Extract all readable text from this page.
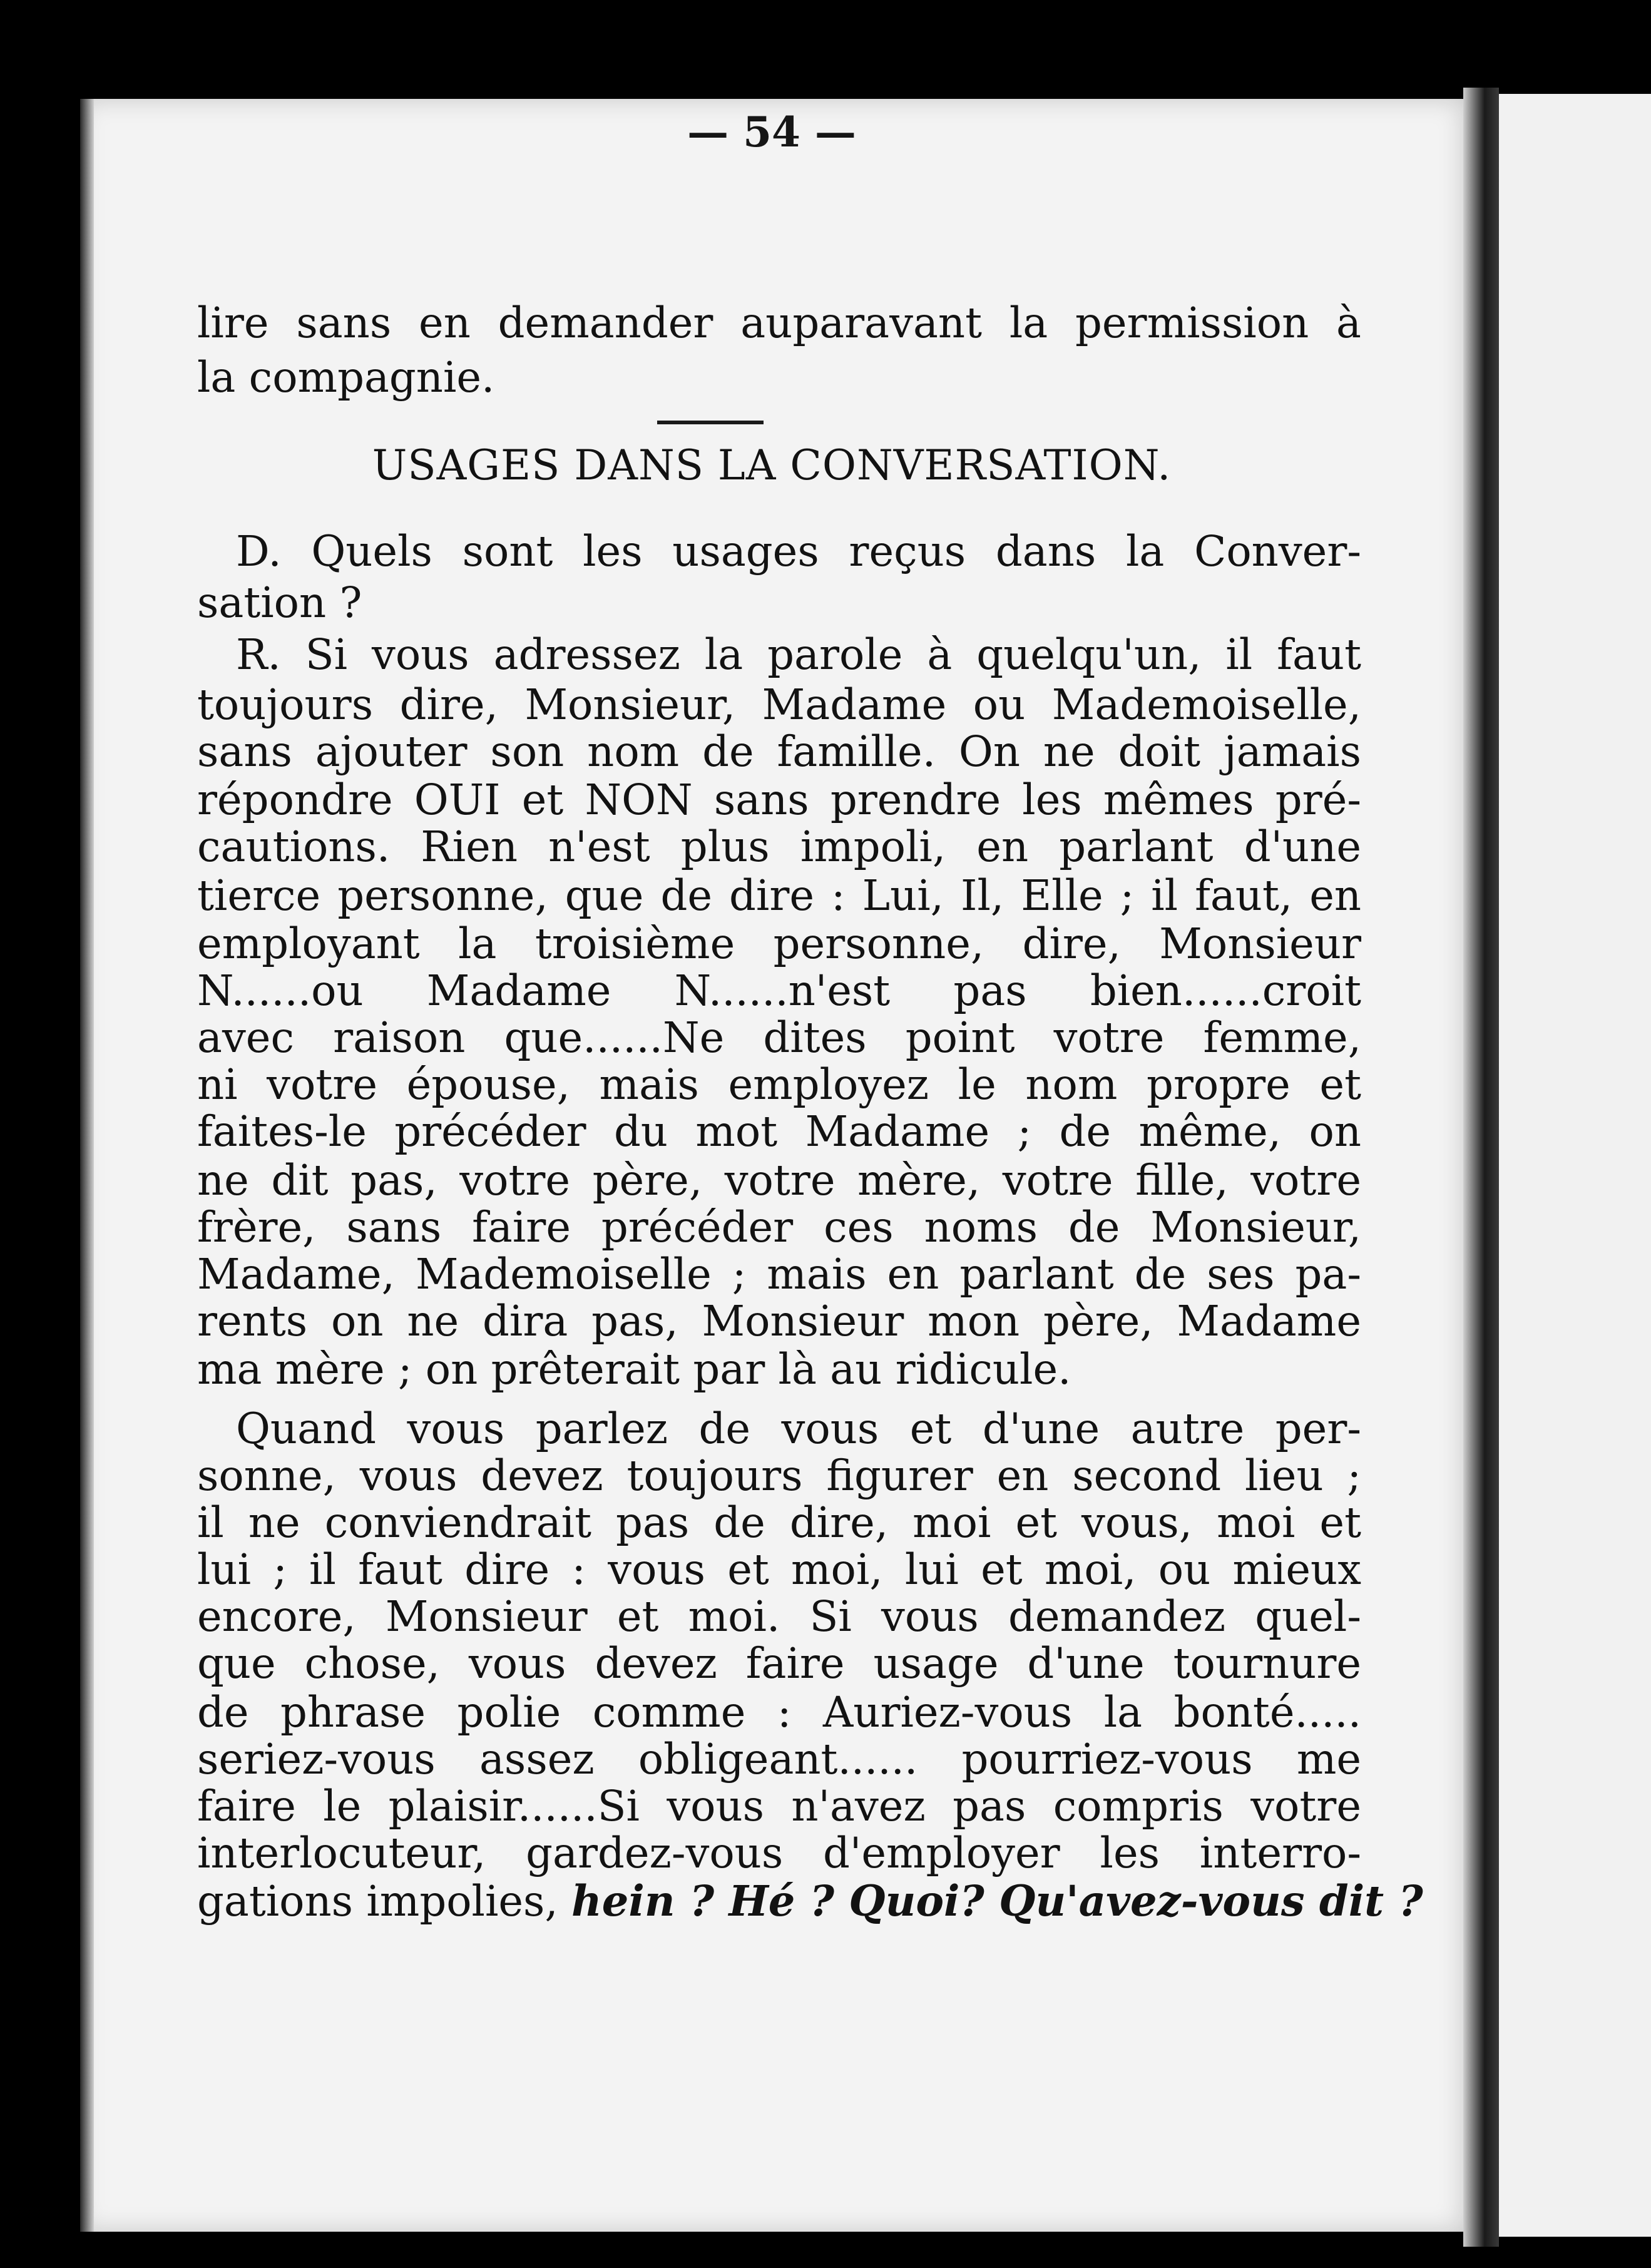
— 54 —
lire sans en demander auparavant la permission à
la compagnie.
USAGES DANS LA CONVERSATION.
D. Quels sont les usages reçus dans la Conver-
sation ?
R. Si vous adressez la parole à quelqu'un, il faut
toujours dire, Monsieur, Madame ou Mademoiselle,
sans ajouter son nom de famille. On ne doit jamais
répondre OUI et NON sans prendre les mêmes pré-
cautions. Rien n'est plus impoli, en parlant d'une
tierce personne, que de dire : Lui, Il, Elle ; il faut, en
employant la troisième personne, dire, Monsieur
N......ou Madame N......n'est pas bien......croit
avec raison que......Ne dites point votre femme,
ni votre épouse, mais employez le nom propre et
faites-le précéder du mot Madame ; de même, on
ne dit pas, votre père, votre mère, votre fille, votre
frère, sans faire précéder ces noms de Monsieur,
Madame, Mademoiselle ; mais en parlant de ses pa-
rents on ne dira pas, Monsieur mon père, Madame
ma mère ; on prêterait par là au ridicule.
Quand vous parlez de vous et d'une autre per-
sonne, vous devez toujours figurer en second lieu ;
il ne conviendrait pas de dire, moi et vous, moi et
lui ; il faut dire : vous et moi, lui et moi, ou mieux
encore, Monsieur et moi. Si vous demandez quel-
que chose, vous devez faire usage d'une tournure
de phrase polie comme : Auriez-vous la bonté.....
seriez-vous assez obligeant...... pourriez-vous me
faire le plaisir......Si vous n'avez pas compris votre
interlocuteur, gardez-vous d'employer les interro-
gations impolies, hein ? Hé ? Quoi? Qu'avez-vous dit ?
